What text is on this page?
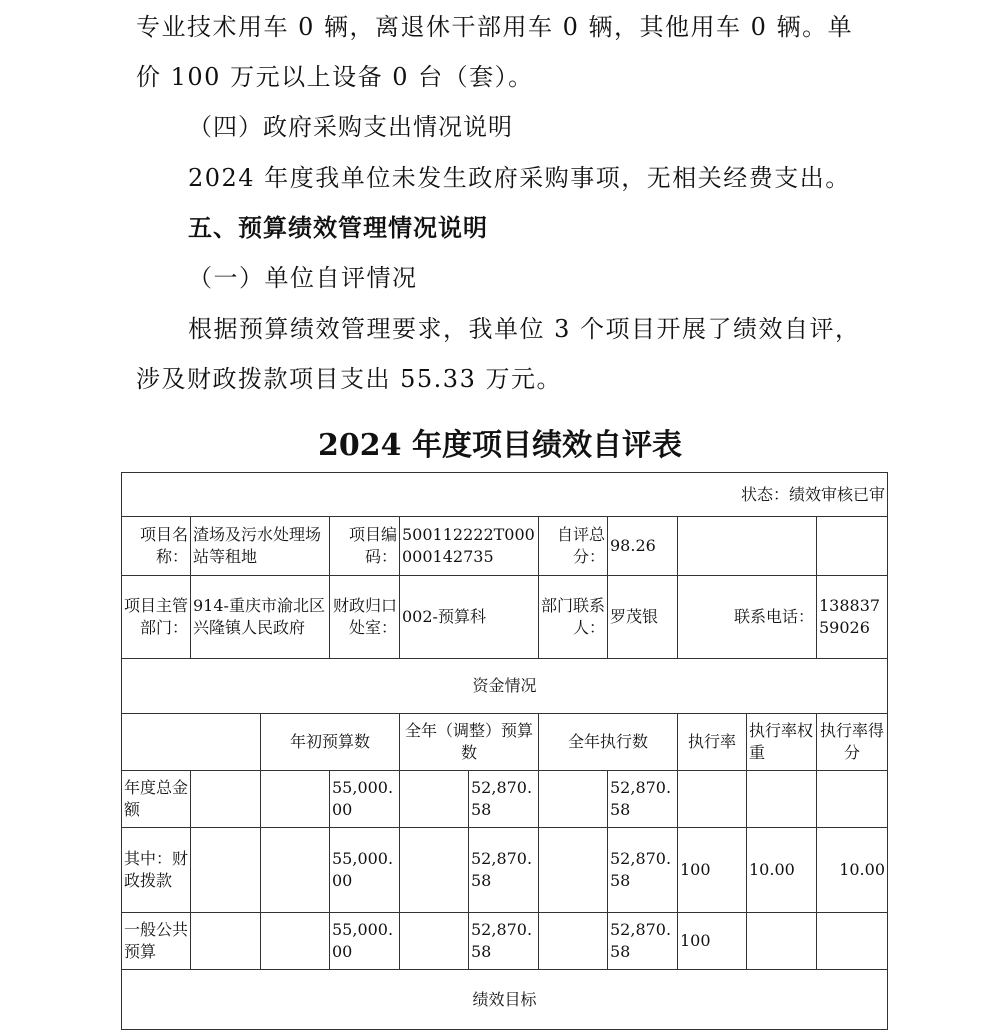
专业技术用车 0 辆，离退休干部用车 0 辆，其他用车 0 辆。单
价 100 万元以上设备 0 台（套）。
（四）政府采购支出情况说明
2024 年度我单位未发生政府采购事项，无相关经费支出。
五、预算绩效管理情况说明
（一）单位自评情况
根据预算绩效管理要求，我单位 3 个项目开展了绩效自评，
涉及财政拨款项目支出 55.33 万元。
2024 年度项目绩效自评表
状态：绩效审核已审										
项目名称：	渣场及污水处理场站等租地		项目编码：	500112222T000000142735		自评总分：	98.26			
项目主管部门：	914-重庆市渝北区兴隆镇人民政府		财政归口处室：	002-预算科		部门联系人：	罗茂银	联系电话：		13883759026
资金情况										
		年初预算数		全年（调整）预算数		全年执行数		执行率	执行率权重	执行率得分
年度总金额			55,000.00		52,870.58		52,870.58			
其中：财政拨款			55,000.00		52,870.58		52,870.58	100	10.00	10.00
一般公共预算			55,000.00		52,870.58		52,870.58	100		
绩效目标										
